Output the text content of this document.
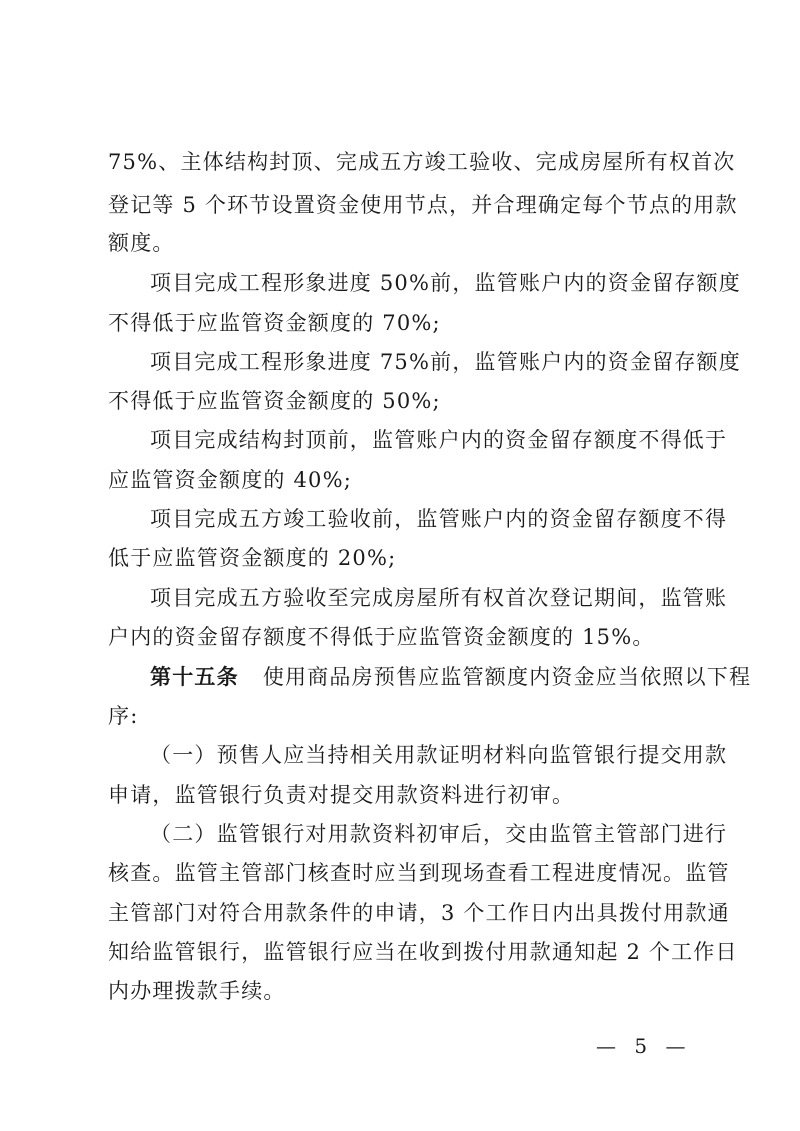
75%、主体结构封顶、完成五方竣工验收、完成房屋所有权首次
登记等 5 个环节设置资金使用节点，并合理确定每个节点的用款
额度。
项目完成工程形象进度 50%前，监管账户内的资金留存额度
不得低于应监管资金额度的 70%;
项目完成工程形象进度 75%前，监管账户内的资金留存额度
不得低于应监管资金额度的 50%;
项目完成结构封顶前，监管账户内的资金留存额度不得低于
应监管资金额度的 40%;
项目完成五方竣工验收前，监管账户内的资金留存额度不得
低于应监管资金额度的 20%;
项目完成五方验收至完成房屋所有权首次登记期间，监管账
户内的资金留存额度不得低于应监管资金额度的 15%。
第十五条 使用商品房预售应监管额度内资金应当依照以下程
序:
（一）预售人应当持相关用款证明材料向监管银行提交用款
申请，监管银行负责对提交用款资料进行初审。
（二）监管银行对用款资料初审后，交由监管主管部门进行
核查。监管主管部门核查时应当到现场查看工程进度情况。监管
主管部门对符合用款条件的申请，3 个工作日内出具拨付用款通
知给监管银行，监管银行应当在收到拨付用款通知起 2 个工作日
内办理拨款手续。
— 5 —
